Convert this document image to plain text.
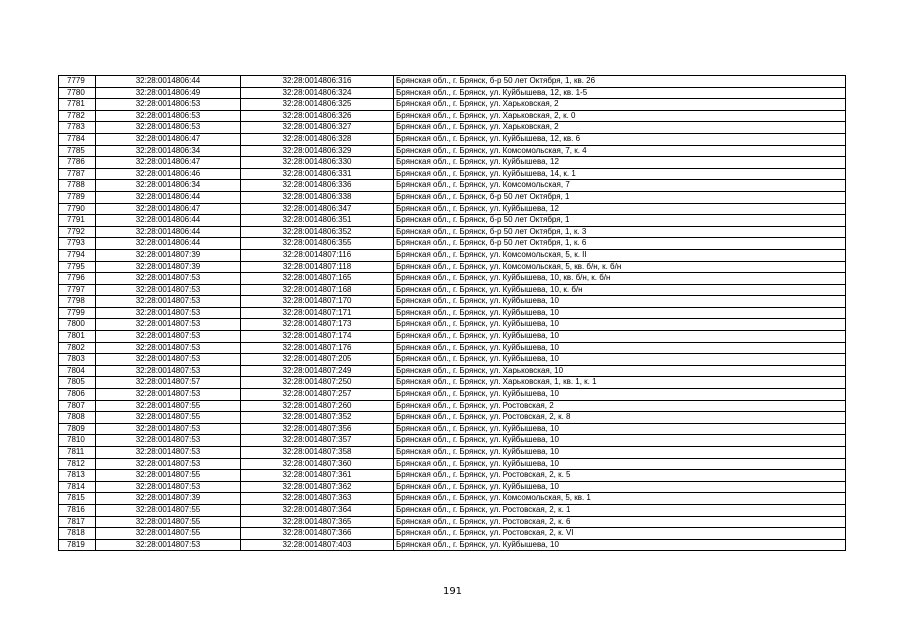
7779	32:28:0014806:44	32:28:0014806:316	Брянская обл., г. Брянск, б-р 50 лет Октября, 1, кв. 26
7780	32:28:0014806:49	32:28:0014806:324	Брянская обл., г. Брянск, ул. Куйбышева, 12, кв. 1-5
7781	32:28:0014806:53	32:28:0014806:325	Брянская обл., г. Брянск, ул. Харьковская, 2
7782	32:28:0014806:53	32:28:0014806:326	Брянская обл., г. Брянск, ул. Харьковская, 2, к. 0
7783	32:28:0014806:53	32:28:0014806:327	Брянская обл., г. Брянск, ул. Харьковская, 2
7784	32:28:0014806:47	32:28:0014806:328	Брянская обл., г. Брянск, ул. Куйбышева, 12, кв. 6
7785	32:28:0014806:34	32:28:0014806:329	Брянская обл., г. Брянск, ул. Комсомольская, 7, к. 4
7786	32:28:0014806:47	32:28:0014806:330	Брянская обл., г. Брянск, ул. Куйбышева, 12
7787	32:28:0014806:46	32:28:0014806:331	Брянская обл., г. Брянск, ул. Куйбышева, 14, к. 1
7788	32:28:0014806:34	32:28:0014806:336	Брянская обл., г. Брянск, ул. Комсомольская, 7
7789	32:28:0014806:44	32:28:0014806:338	Брянская обл., г. Брянск, б-р 50 лет Октября, 1
7790	32:28:0014806:47	32:28:0014806:347	Брянская обл., г. Брянск, ул. Куйбышева, 12
7791	32:28:0014806:44	32:28:0014806:351	Брянская обл., г. Брянск, б-р 50 лет Октября, 1
7792	32:28:0014806:44	32:28:0014806:352	Брянская обл., г. Брянск, б-р 50 лет Октября, 1, к. 3
7793	32:28:0014806:44	32:28:0014806:355	Брянская обл., г. Брянск, б-р 50 лет Октября, 1, к. 6
7794	32:28:0014807:39	32:28:0014807:116	Брянская обл., г. Брянск, ул. Комсомольская, 5, к. II
7795	32:28:0014807:39	32:28:0014807:118	Брянская обл., г. Брянск, ул. Комсомольская, 5, кв. б/н, к. б/н
7796	32:28:0014807:53	32:28:0014807:165	Брянская обл., г. Брянск, ул. Куйбышева, 10, кв. б/н, к. б/н
7797	32:28:0014807:53	32:28:0014807:168	Брянская обл., г. Брянск, ул. Куйбышева, 10, к. б/н
7798	32:28:0014807:53	32:28:0014807:170	Брянская обл., г. Брянск, ул. Куйбышева, 10
7799	32:28:0014807:53	32:28:0014807:171	Брянская обл., г. Брянск, ул. Куйбышева, 10
7800	32:28:0014807:53	32:28:0014807:173	Брянская обл., г. Брянск, ул. Куйбышева, 10
7801	32:28:0014807:53	32:28:0014807:174	Брянская обл., г. Брянск, ул. Куйбышева, 10
7802	32:28:0014807:53	32:28:0014807:176	Брянская обл., г. Брянск, ул. Куйбышева, 10
7803	32:28:0014807:53	32:28:0014807:205	Брянская обл., г. Брянск, ул. Куйбышева, 10
7804	32:28:0014807:53	32:28:0014807:249	Брянская обл., г. Брянск, ул. Харьковская, 10
7805	32:28:0014807:57	32:28:0014807:250	Брянская обл., г. Брянск, ул. Харьковская, 1, кв. 1, к. 1
7806	32:28:0014807:53	32:28:0014807:257	Брянская обл., г. Брянск, ул. Куйбышева, 10
7807	32:28:0014807:55	32:28:0014807:260	Брянская обл., г. Брянск, ул. Ростовская, 2
7808	32:28:0014807:55	32:28:0014807:352	Брянская обл., г. Брянск, ул. Ростовская, 2, к. 8
7809	32:28:0014807:53	32:28:0014807:356	Брянская обл., г. Брянск, ул. Куйбышева, 10
7810	32:28:0014807:53	32:28:0014807:357	Брянская обл., г. Брянск, ул. Куйбышева, 10
7811	32:28:0014807:53	32:28:0014807:358	Брянская обл., г. Брянск, ул. Куйбышева, 10
7812	32:28:0014807:53	32:28:0014807:360	Брянская обл., г. Брянск, ул. Куйбышева, 10
7813	32:28:0014807:55	32:28:0014807:361	Брянская обл., г. Брянск, ул. Ростовская, 2, к. 5
7814	32:28:0014807:53	32:28:0014807:362	Брянская обл., г. Брянск, ул. Куйбышева, 10
7815	32:28:0014807:39	32:28:0014807:363	Брянская обл., г. Брянск, ул. Комсомольская, 5, кв. 1
7816	32:28:0014807:55	32:28:0014807:364	Брянская обл., г. Брянск, ул. Ростовская, 2, к. 1
7817	32:28:0014807:55	32:28:0014807:365	Брянская обл., г. Брянск, ул. Ростовская, 2, к. 6
7818	32:28:0014807:55	32:28:0014807:366	Брянская обл., г. Брянск, ул. Ростовская, 2, к. VI
7819	32:28:0014807:53	32:28:0014807:403	Брянская обл., г. Брянск, ул. Куйбышева, 10
191
